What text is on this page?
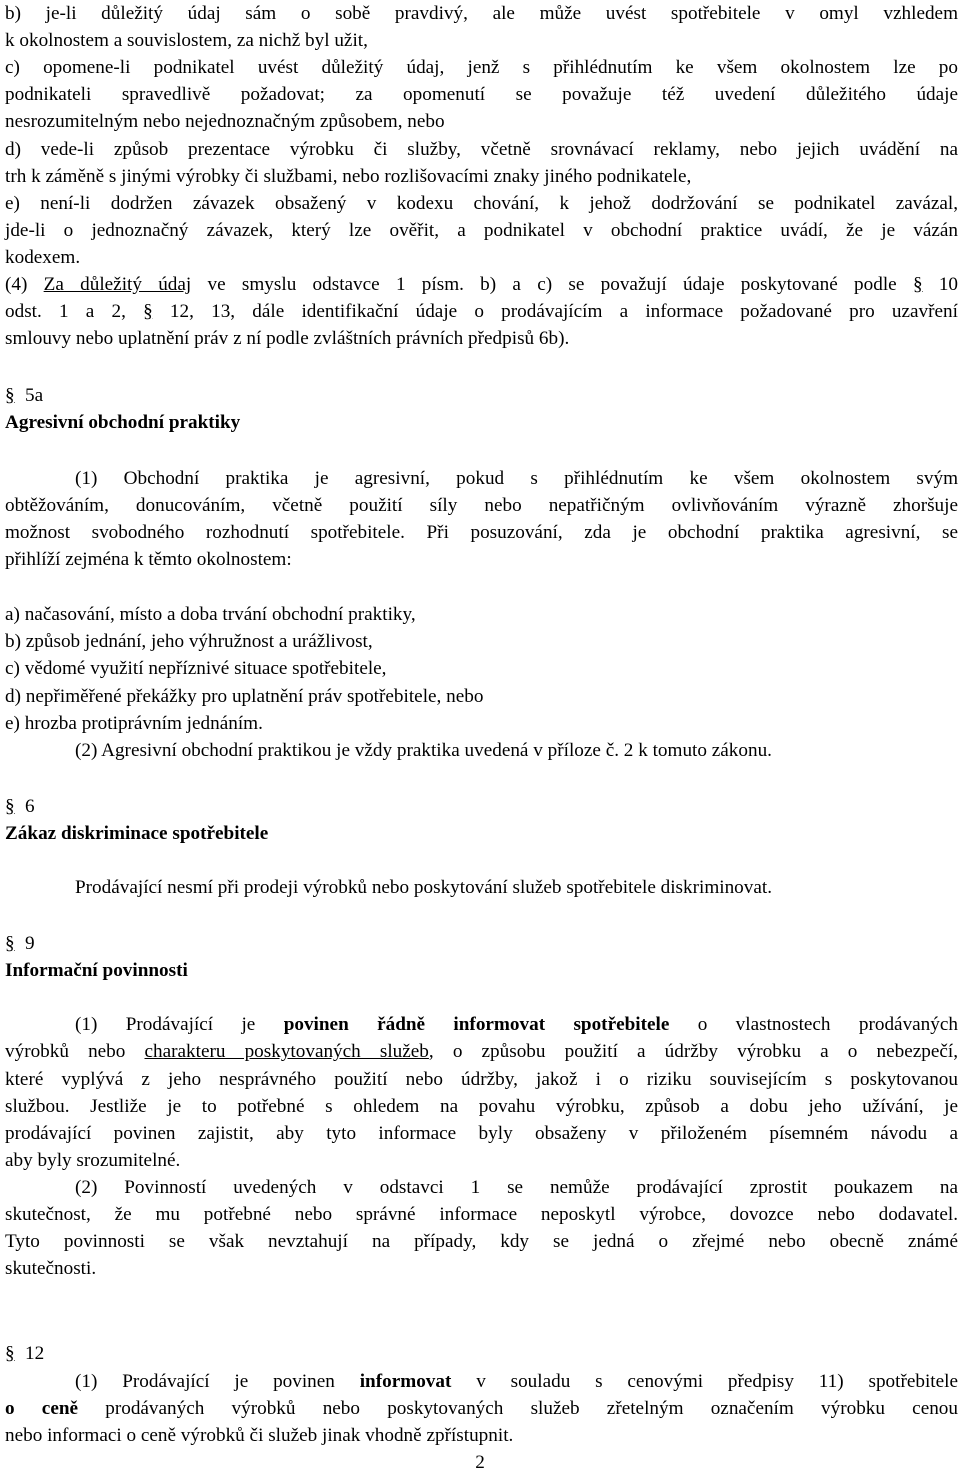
b) je-li důležitý údaj sám o sobě pravdivý, ale může uvést spotřebitele v omyl vzhledem
k okolnostem a souvislostem, za nichž byl užit,
c) opomene-li podnikatel uvést důležitý údaj, jenž s přihlédnutím ke všem okolnostem lze po
podnikateli spravedlivě požadovat; za opomenutí se považuje též uvedení důležitého údaje
nesrozumitelným nebo nejednoznačným způsobem, nebo
d) vede-li způsob prezentace výrobku či služby, včetně srovnávací reklamy, nebo jejich uvádění na
trh k záměně s jinými výrobky či službami, nebo rozlišovacími znaky jiného podnikatele,
e) není-li dodržen závazek obsažený v kodexu chování, k jehož dodržování se podnikatel zavázal,
jde-li o jednoznačný závazek, který lze ověřit, a podnikatel v obchodní praktice uvádí, že je vázán
kodexem.
(4) Za důležitý údaj ve smyslu odstavce 1 písm. b) a c) se považují údaje poskytované podle § 10
odst. 1 a 2, § 12, 13, dále identifikační údaje o prodávajícím a informace požadované pro uzavření
smlouvy nebo uplatnění práv z ní podle zvláštních právních předpisů 6b).
§ 5a
Agresivní obchodní praktiky
(1) Obchodní praktika je agresivní, pokud s přihlédnutím ke všem okolnostem svým
obtěžováním, donucováním, včetně použití síly nebo nepatřičným ovlivňováním výrazně zhoršuje
možnost svobodného rozhodnutí spotřebitele. Při posuzování, zda je obchodní praktika agresivní, se
přihlíží zejména k těmto okolnostem:
a) načasování, místo a doba trvání obchodní praktiky,
b) způsob jednání, jeho výhružnost a urážlivost,
c) vědomé využití nepříznivé situace spotřebitele,
d) nepřiměřené překážky pro uplatnění práv spotřebitele, nebo
e) hrozba protiprávním jednáním.
(2) Agresivní obchodní praktikou je vždy praktika uvedená v příloze č. 2 k tomuto zákonu.
§ 6
Zákaz diskriminace spotřebitele
Prodávající nesmí při prodeji výrobků nebo poskytování služeb spotřebitele diskriminovat.
§ 9
Informační povinnosti
(1) Prodávající je povinen řádně informovat spotřebitele o vlastnostech prodávaných
výrobků nebo charakteru poskytovaných služeb, o způsobu použití a údržby výrobku a o nebezpečí,
které vyplývá z jeho nesprávného použití nebo údržby, jakož i o riziku souvisejícím s poskytovanou
službou. Jestliže je to potřebné s ohledem na povahu výrobku, způsob a dobu jeho užívání, je
prodávající povinen zajistit, aby tyto informace byly obsaženy v přiloženém písemném návodu a
aby byly srozumitelné.
(2) Povinností uvedených v odstavci 1 se nemůže prodávající zprostit poukazem na
skutečnost, že mu potřebné nebo správné informace neposkytl výrobce, dovozce nebo dodavatel.
Tyto povinnosti se však nevztahují na případy, kdy se jedná o zřejmé nebo obecně známé
skutečnosti.
§ 12
(1) Prodávající je povinen informovat v souladu s cenovými předpisy 11) spotřebitele
o ceně prodávaných výrobků nebo poskytovaných služeb zřetelným označením výrobku cenou
nebo informaci o ceně výrobků či služeb jinak vhodně zpřístupnit.
2
